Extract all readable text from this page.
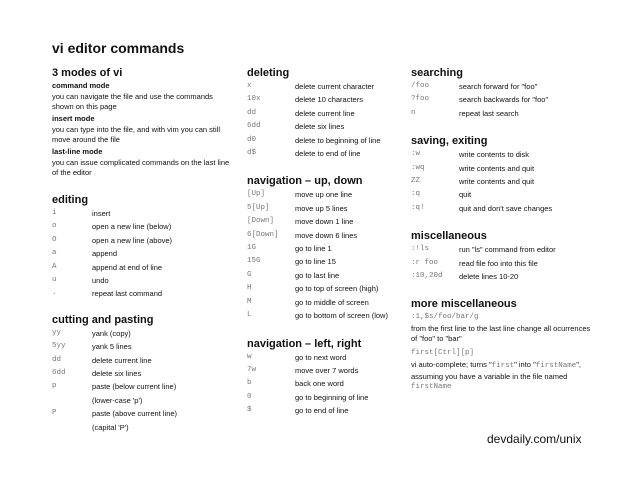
vi editor commands
3 modes of vi
command mode
you can navigate the file and use the commands shown on this page
insert mode
you can type into the file, and with vim you can still move around the file
last-line mode
you can issue complicated commands on the last line of the editor
editing
i	insert
o	open a new line (below)
O	open a new line (above)
a	append
A	append at end of line
u	undo
.	repeat last command
cutting and pasting
yy	yank (copy)
5yy	yank 5 lines
dd	delete current line
6dd	delete six lines
p	paste (below current line)
(lower-case 'p')
P	paste (above current line)
(capital 'P')
deleting
x	delete current character
10x	delete 10 characters
dd	delete current line
6dd	delete six lines
d0	delete to beginning of line
d$	delete to end of line
navigation – up, down
[Up]	move up one line
5[Up]	move up 5 lines
[Down]	move down 1 line
6[Down]	move down 6 lines
1G	go to line 1
15G	go to line 15
G	go to last line
H	go to top of screen (high)
M	go to middle of screen
L	go to bottom of screen (low)
navigation – left, right
w	go to next word
7w	move over 7 words
b	back one word
0	go to beginning of line
$	go to end of line
searching
/foo	search forward for "foo"
?foo	search backwards for "foo"
n	repeat last search
saving, exiting
:w	write contents to disk
:wq	write contents and quit
ZZ	write contents and quit
:q	quit
:q!	quit and don't save changes
miscellaneous
:!ls	run "ls" command from editor
:r foo	read file foo into this file
:10,20d	delete lines 10-20
more miscellaneous
:1,$s/foo/bar/g
from the first line to the last line change all ocurrences of "foo" to "bar"
first[Ctrl][p]
vi auto-complete; turns "first" into "firstName", assuming you have a variable in the file named firstName
devdaily.com/unix
